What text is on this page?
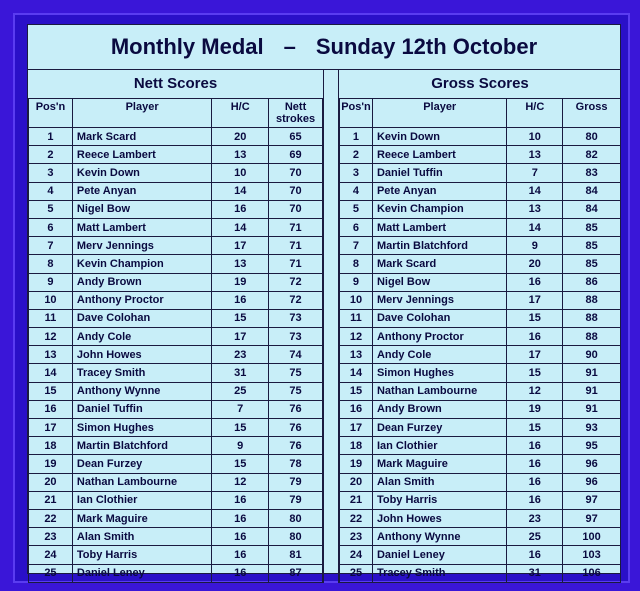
Monthly Medal – Sunday 12th October
Nett Scores
Pos'n	Player	H/C	Nett strokes
1	Mark Scard	20	65
2	Reece Lambert	13	69
3	Kevin Down	10	70
4	Pete Anyan	14	70
5	Nigel Bow	16	70
6	Matt Lambert	14	71
7	Merv Jennings	17	71
8	Kevin Champion	13	71
9	Andy Brown	19	72
10	Anthony Proctor	16	72
11	Dave Colohan	15	73
12	Andy Cole	17	73
13	John Howes	23	74
14	Tracey Smith	31	75
15	Anthony Wynne	25	75
16	Daniel Tuffin	7	76
17	Simon Hughes	15	76
18	Martin Blatchford	9	76
19	Dean Furzey	15	78
20	Nathan Lambourne	12	79
21	Ian Clothier	16	79
22	Mark Maguire	16	80
23	Alan Smith	16	80
24	Toby Harris	16	81
25	Daniel Leney	16	87
Gross Scores
Pos'n	Player	H/C	Gross
1	Kevin Down	10	80
2	Reece Lambert	13	82
3	Daniel Tuffin	7	83
4	Pete Anyan	14	84
5	Kevin Champion	13	84
6	Matt Lambert	14	85
7	Martin Blatchford	9	85
8	Mark Scard	20	85
9	Nigel Bow	16	86
10	Merv Jennings	17	88
11	Dave Colohan	15	88
12	Anthony Proctor	16	88
13	Andy Cole	17	90
14	Simon Hughes	15	91
15	Nathan Lambourne	12	91
16	Andy Brown	19	91
17	Dean Furzey	15	93
18	Ian Clothier	16	95
19	Mark Maguire	16	96
20	Alan Smith	16	96
21	Toby Harris	16	97
22	John Howes	23	97
23	Anthony Wynne	25	100
24	Daniel Leney	16	103
25	Tracey Smith	31	106
